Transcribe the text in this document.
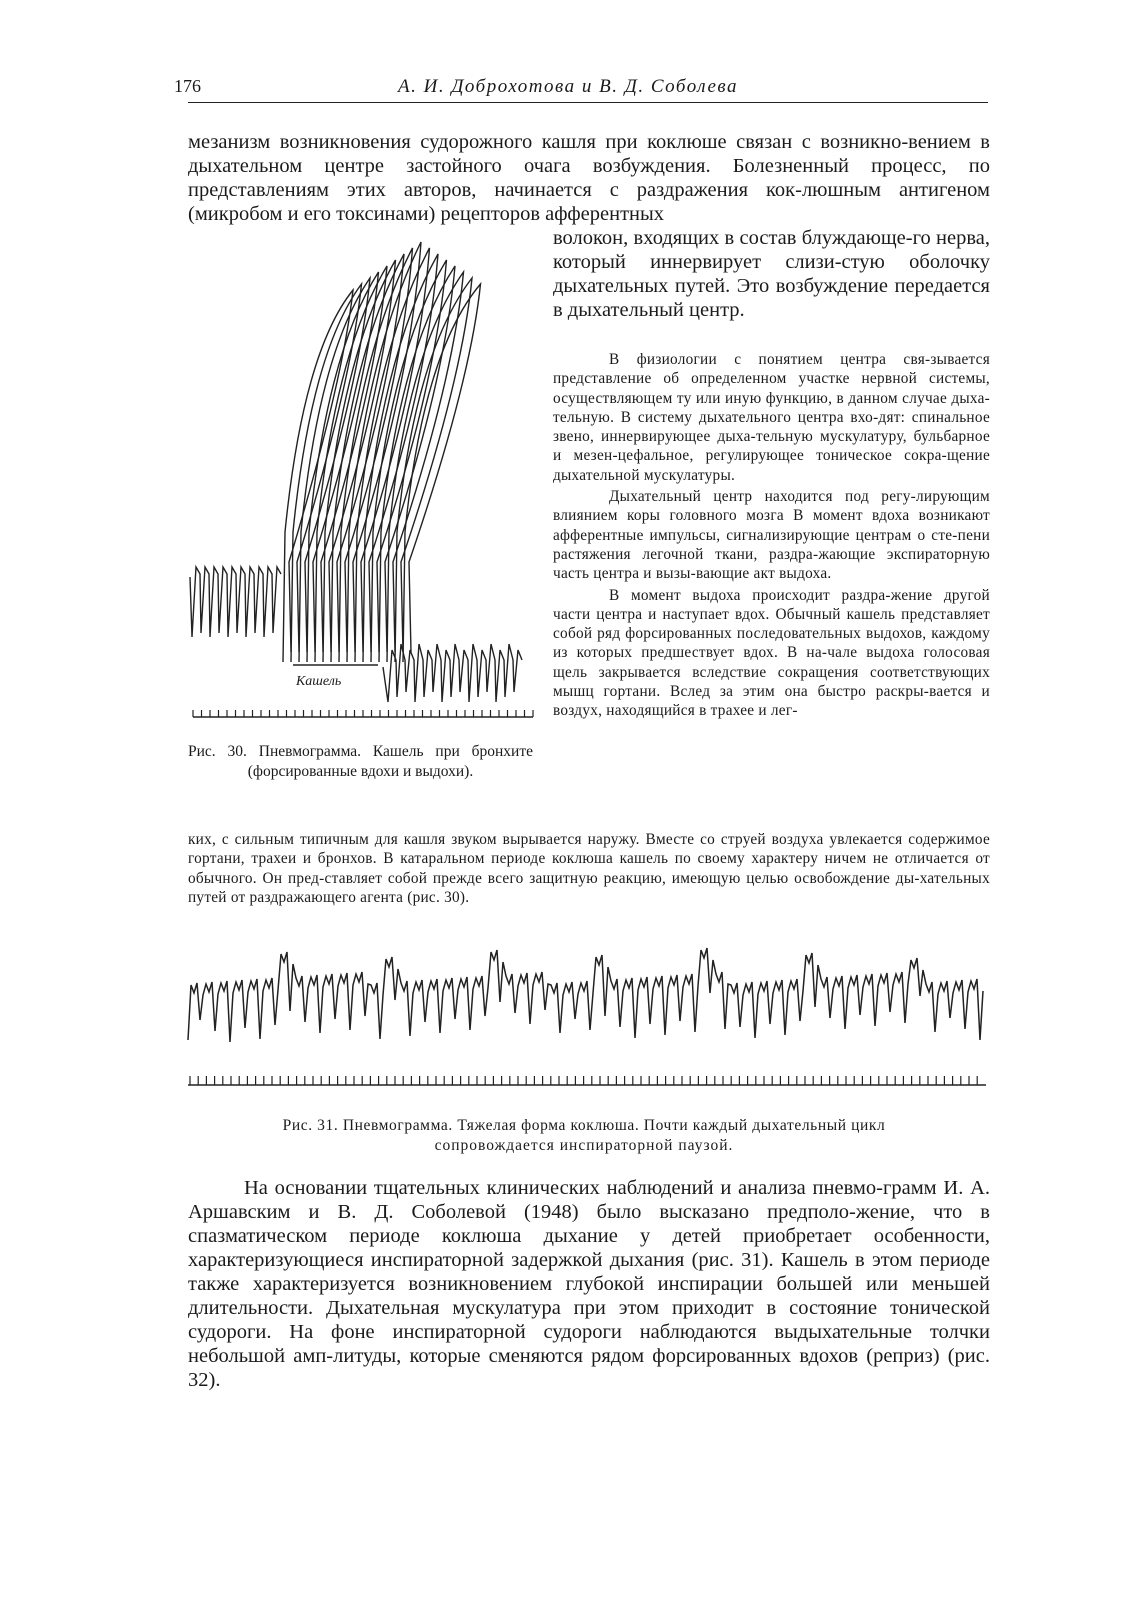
176	А. И. Доброхотова и В. Д. Соболева

мезанизм возникновения судорожного кашля при коклюше связан с возникно-вением в дыхательном центре застойного очага возбуждения. Болезненный процесс, по представлениям этих авторов, начинается с раздражения кок-люшным антигеном (микробом и его токсинами) рецепторов афферентных

волокон, входящих в состав блуждающе-го нерва, который иннервирует слизи-стую оболочку дыхательных путей. Это возбуждение передается в дыхательный центр.

В физиологии с понятием центра свя-зывается представление об определенном участке нервной системы, осуществляющем ту или иную функцию, в данном случае дыха-тельную. В систему дыхательного центра вхо-дят: спинальное звено, иннервирующее дыха-тельную мускулатуру, бульбарное и мезен-цефальное, регулирующее тоническое сокра-щение дыхательной мускулатуры.

Дыхательный центр находится под регу-лирующим влиянием коры головного мозга В момент вдоха возникают афферентные импульсы, сигнализирующие центрам о сте-пени растяжения легочной ткани, раздра-жающие экспираторную часть центра и вызы-вающие акт выдоха.

В момент выдоха происходит раздра-жение другой части центра и наступает вдох. Обычный кашель представляет собой ряд форсированных последовательных выдохов, каждому из которых предшествует вдох. В на-чале выдоха голосовая щель закрывается вследствие сокращения соответствующих мышц гортани. Вслед за этим она быстро раскры-вается и воздух, находящийся в трахее и лег-

Кашель

Рис. 30. Пневмограмма. Кашель при бронхите (форсированные вдохи и выдохи).

ких, с сильным типичным для кашля звуком вырывается наружу. Вместе со струей воздуха увлекается содержимое гортани, трахеи и бронхов. В катаральном периоде коклюша кашель по своему характеру ничем не отличается от обычного. Он пред-ставляет собой прежде всего защитную реакцию, имеющую целью освобождение ды-хательных путей от раздражающего агента (рис. 30).

Рис. 31. Пневмограмма. Тяжелая форма коклюша. Почти каждый дыхательный цикл

сопровождается инспираторной паузой.

На основании тщательных клинических наблюдений и анализа пневмо-грамм И. А. Аршавским и В. Д. Соболевой (1948) было высказано предполо-жение, что в спазматическом периоде коклюша дыхание у детей приобретает особенности, характеризующиеся инспираторной задержкой дыхания (рис. 31). Кашель в этом периоде также характеризуется возникновением глубокой инспирации большей или меньшей длительности. Дыхательная мускулатура при этом приходит в состояние тонической судороги. На фоне инспираторной судороги наблюдаются выдыхательные толчки небольшой амп-литуды, которые сменяются рядом форсированных вдохов (реприз) (рис. 32).
